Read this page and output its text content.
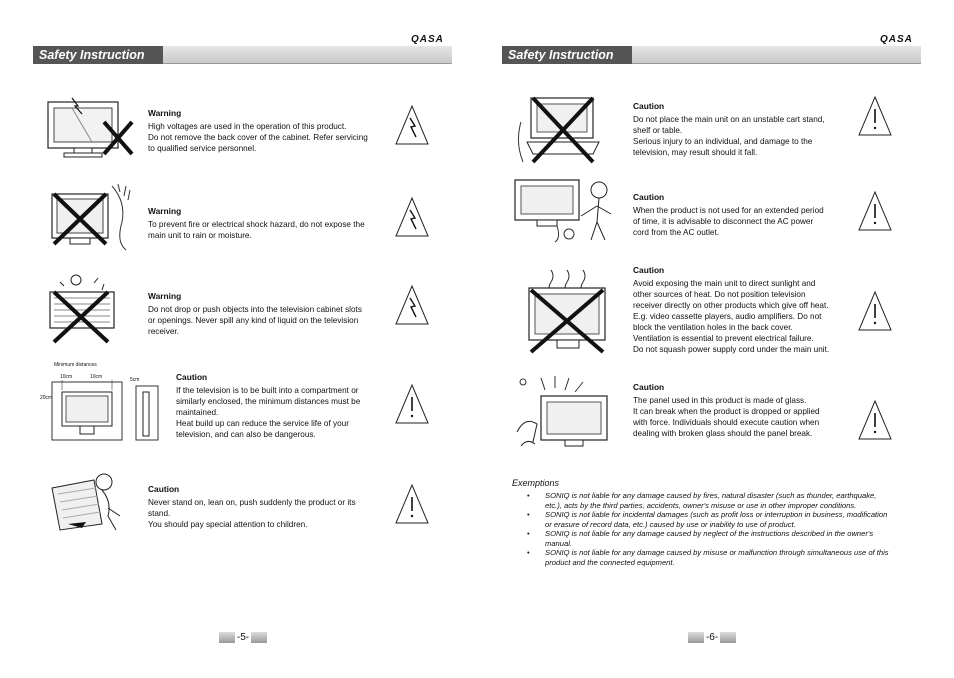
QASA
Safety Instruction
Warning
High voltages are used in the operation of this product.
Do not remove the back cover of the cabinet. Refer servicing
to qualified service personnel.
Warning
To prevent fire or electrical shock hazard, do not expose the
main unit to rain or moisture.
Warning
Do not drop or push objects into the television cabinet slots
or openings. Never spill any kind of liquid on the television
receiver.
Minimum distances
10cm	10cm	5cm
20cm
Caution
If the television is to be built into a compartment or
similarly enclosed, the minimum distances must be
maintained.
Heat build up can reduce the service life of your
television, and can also be dangerous.
Caution
Never stand on, lean on, push suddenly the product or its
stand.
You should pay special attention to children.
-5-
QASA
Safety Instruction
Caution
Do not place the main unit on an unstable cart stand,
shelf or table.
Serious injury to an individual, and damage to the
television, may result should it fall.
Caution
When the product is not used for an extended period
of time, it is advisable to disconnect the AC power
cord from the AC outlet.
Caution
Avoid exposing the main unit to direct sunlight and
other sources of heat. Do not position television
receiver directly on other products which give off heat.
E.g. video cassette players, audio amplifiers. Do not
block the ventilation holes in the back cover.
Ventilation is essential to prevent electrical failure.
Do not squash power supply cord under the main unit.
Caution
The panel used in this product is made of glass.
It can break when the product is dropped or applied
with force. Individuals should execute caution when
dealing with broken glass should the panel break.
-6-
Exemptions
• SONIQ is not liable for any damage caused by fires, natural disaster (such as thunder, earthquake, etc.), acts by the third parties, accidents, owner's misuse or use in other improper conditions.
• SONIQ is not liable for incidental damages (such as profit loss or interruption in business, modification or erasure of record data, etc.) caused by use or inability to use of product.
• SONIQ is not liable for any damage caused by neglect of the instructions described in the owner's manual.
• SONIQ is not liable for any damage caused by misuse or malfunction through simultaneous use of this product and the connected equipment.
